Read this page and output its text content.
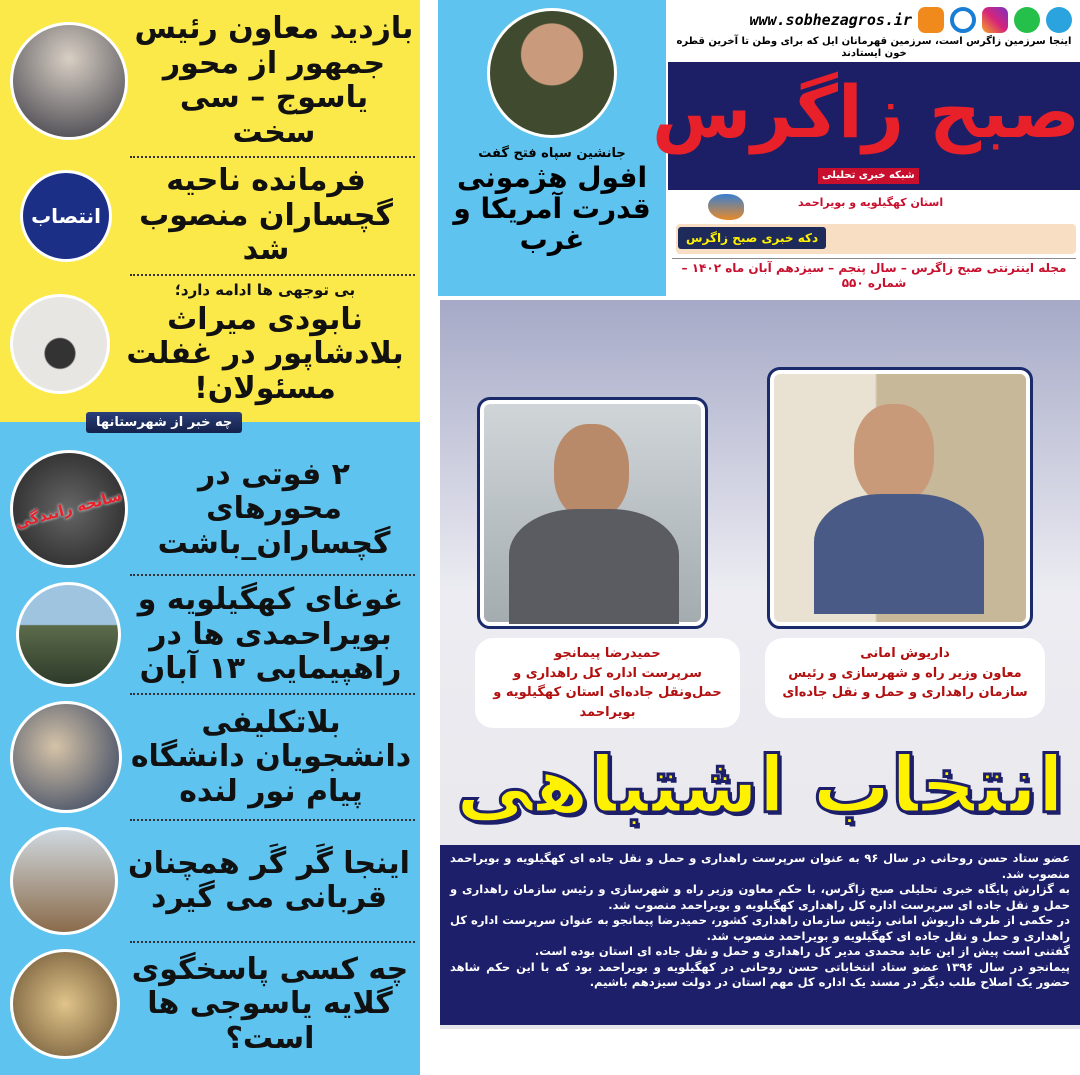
بازدید معاون رئیس جمهور از محور یاسوج – سی سخت
فرمانده ناحیه گچساران منصوب شد
انتصاب
بی توجهی ها ادامه دارد؛
نابودی میراث بلادشاپور در غفلت مسئولان!
چه خبر از شهرستانها
۲ فوتی در محورهای گچساران_باشت
سانحه رانندگی
غوغای کهگیلویه و بویراحمدی ها در راهپیمایی ۱۳ آبان
بلاتکلیفی دانشجویان دانشگاه پیام نور لنده
اینجا گَر گَر همچنان قربانی می گیرد
چه کسی پاسخگوی گلایه یاسوجی ها است؟
جانشین سپاه فتح گفت
افول هژمونی قدرت آمریکا و غرب
www.sobhezagros.ir
اینجا سرزمین زاگرس است، سرزمین قهرمانان ایل که برای وطن تا آخرین قطره خون ایستادند
صبح زاگرس
شبکه خبری تحلیلی
استان کهگیلویه و بویراحمد
دکه خبری صبح زاگرس
مجله اینترنتی صبح زاگرس – سال پنجم – سیزدهم آبان ماه ۱۴۰۲ – شماره ۵۵۰
داریوش امانی
معاون وزیر راه و شهرسازی و رئیس سازمان راهداری و حمل و نقل جاده‌ای
حمیدرضا پیمانجو
سرپرست اداره کل راهداری و حمل‌ونقل جاده‌ای استان کهگیلویه و بویراحمد
انتخاب اشتباهی

عضو ستاد حسن روحانی در سال ۹۶ به عنوان سرپرست راهداری و حمل و نقل جاده ای کهگیلویه و بویراحمد منصوب شد.

به گزارش پایگاه خبری تحلیلی صبح زاگرس، با حکم معاون وزیر راه و شهرسازی و رئیس سازمان راهداری و حمل و نقل جاده ای سرپرست اداره کل راهداری کهگیلویه و بویراحمد منصوب شد.

در حکمی از طرف داریوش امانی رئیس سازمان راهداری کشور، حمیدرضا پیمانجو به عنوان سرپرست اداره کل راهداری و حمل و نقل جاده ای کهگیلویه و بویراحمد منصوب شد.

گفتنی است پیش از این عابد محمدی مدیر کل راهداری و حمل و نقل جاده ای استان بوده است.

پیمانجو در سال ۱۳۹۶ عضو ستاد انتخاباتی حسن روحانی در کهگیلویه و بویراحمد بود که با این حکم شاهد حضور یک اصلاح طلب دیگر در مسند یک اداره کل مهم استان در دولت سیزدهم باشیم.
